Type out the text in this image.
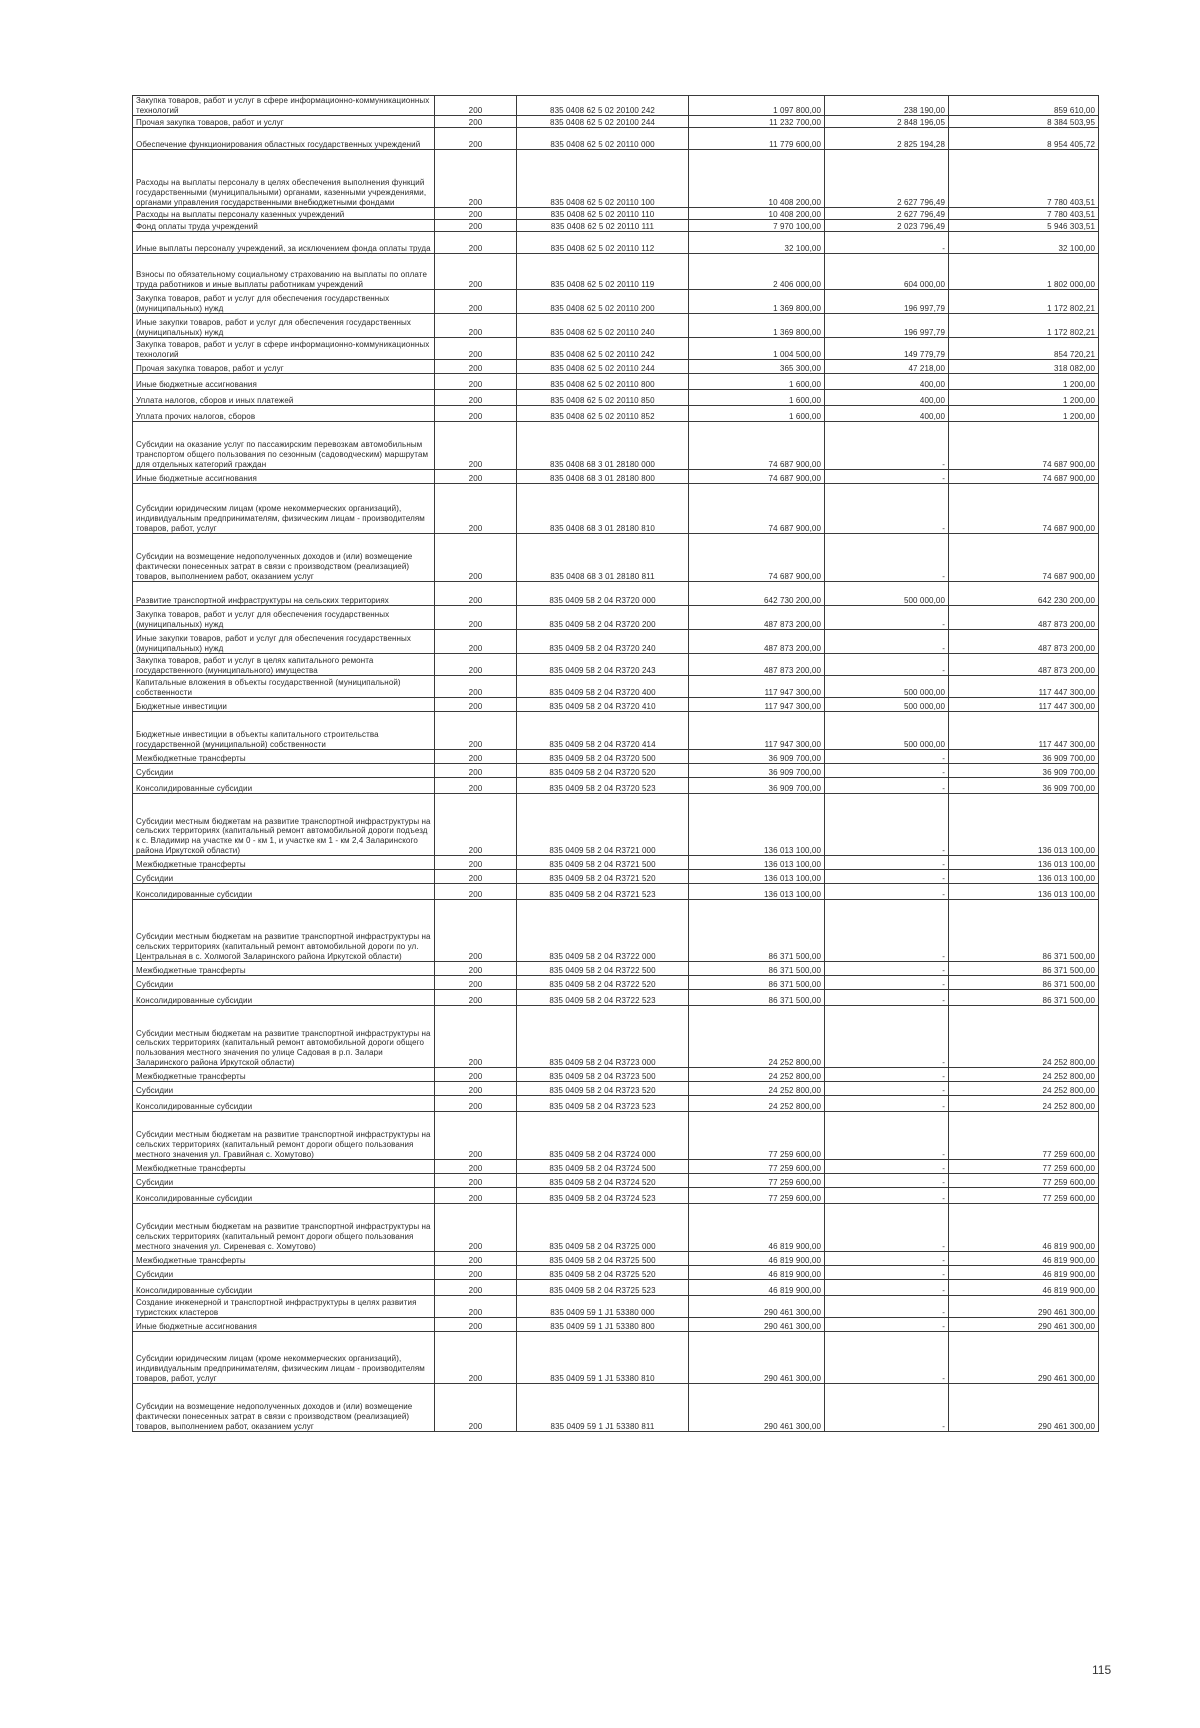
Закупка товаров, работ и услуг в сфере информационно-коммуникационных технологий	200	835 0408 62 5 02 20100 242	1 097 800,00	238 190,00	859 610,00
Прочая закупка товаров, работ и услуг	200	835 0408 62 5 02 20100 244	11 232 700,00	2 848 196,05	8 384 503,95
Обеспечение функционирования областных государственных учреждений	200	835 0408 62 5 02 20110 000	11 779 600,00	2 825 194,28	8 954 405,72
Расходы на выплаты персоналу в целях обеспечения выполнения функций государственными (муниципальными) органами, казенными учреждениями, органами управления государственными внебюджетными фондами	200	835 0408 62 5 02 20110 100	10 408 200,00	2 627 796,49	7 780 403,51
Расходы на выплаты персоналу казенных учреждений	200	835 0408 62 5 02 20110 110	10 408 200,00	2 627 796,49	7 780 403,51
Фонд оплаты труда учреждений	200	835 0408 62 5 02 20110 111	7 970 100,00	2 023 796,49	5 946 303,51
Иные выплаты персоналу учреждений, за исключением фонда оплаты труда	200	835 0408 62 5 02 20110 112	32 100,00	-	32 100,00
Взносы по обязательному социальному страхованию на выплаты по оплате труда работников и иные выплаты работникам учреждений	200	835 0408 62 5 02 20110 119	2 406 000,00	604 000,00	1 802 000,00
Закупка товаров, работ и услуг для обеспечения государственных (муниципальных) нужд	200	835 0408 62 5 02 20110 200	1 369 800,00	196 997,79	1 172 802,21
Иные закупки товаров, работ и услуг для обеспечения государственных (муниципальных) нужд	200	835 0408 62 5 02 20110 240	1 369 800,00	196 997,79	1 172 802,21
Закупка товаров, работ и услуг в сфере информационно-коммуникационных технологий	200	835 0408 62 5 02 20110 242	1 004 500,00	149 779,79	854 720,21
Прочая закупка товаров, работ и услуг	200	835 0408 62 5 02 20110 244	365 300,00	47 218,00	318 082,00
Иные бюджетные ассигнования	200	835 0408 62 5 02 20110 800	1 600,00	400,00	1 200,00
Уплата налогов, сборов и иных платежей	200	835 0408 62 5 02 20110 850	1 600,00	400,00	1 200,00
Уплата прочих налогов, сборов	200	835 0408 62 5 02 20110 852	1 600,00	400,00	1 200,00
Субсидии на оказание услуг по пассажирским перевозкам автомобильным транспортом общего пользования по сезонным (садоводческим) маршрутам для отдельных категорий граждан	200	835 0408 68 3 01 28180 000	74 687 900,00	-	74 687 900,00
Иные бюджетные ассигнования	200	835 0408 68 3 01 28180 800	74 687 900,00	-	74 687 900,00
Субсидии юридическим лицам (кроме некоммерческих организаций), индивидуальным предпринимателям, физическим лицам - производителям товаров, работ, услуг	200	835 0408 68 3 01 28180 810	74 687 900,00	-	74 687 900,00
Субсидии на возмещение недополученных доходов и (или) возмещение фактически понесенных затрат в связи с производством (реализацией) товаров, выполнением работ, оказанием услуг	200	835 0408 68 3 01 28180 811	74 687 900,00	-	74 687 900,00
Развитие транспортной инфраструктуры на сельских территориях	200	835 0409 58 2 04 R3720 000	642 730 200,00	500 000,00	642 230 200,00
Закупка товаров, работ и услуг для обеспечения государственных (муниципальных) нужд	200	835 0409 58 2 04 R3720 200	487 873 200,00	-	487 873 200,00
Иные закупки товаров, работ и услуг для обеспечения государственных (муниципальных) нужд	200	835 0409 58 2 04 R3720 240	487 873 200,00	-	487 873 200,00
Закупка товаров, работ и услуг в целях капитального ремонта государственного (муниципального) имущества	200	835 0409 58 2 04 R3720 243	487 873 200,00	-	487 873 200,00
Капитальные вложения в объекты государственной (муниципальной) собственности	200	835 0409 58 2 04 R3720 400	117 947 300,00	500 000,00	117 447 300,00
Бюджетные инвестиции	200	835 0409 58 2 04 R3720 410	117 947 300,00	500 000,00	117 447 300,00
Бюджетные инвестиции в объекты капитального строительства государственной (муниципальной) собственности	200	835 0409 58 2 04 R3720 414	117 947 300,00	500 000,00	117 447 300,00
Межбюджетные трансферты	200	835 0409 58 2 04 R3720 500	36 909 700,00	-	36 909 700,00
Субсидии	200	835 0409 58 2 04 R3720 520	36 909 700,00	-	36 909 700,00
Консолидированные субсидии	200	835 0409 58 2 04 R3720 523	36 909 700,00	-	36 909 700,00
Субсидии местным бюджетам на развитие транспортной инфраструктуры на сельских территориях (капитальный ремонт автомобильной дороги подъезд к с. Владимир на участке км 0 - км 1, и участке км 1 - км 2,4 Заларинского района Иркутской области)	200	835 0409 58 2 04 R3721 000	136 013 100,00	-	136 013 100,00
Межбюджетные трансферты	200	835 0409 58 2 04 R3721 500	136 013 100,00	-	136 013 100,00
Субсидии	200	835 0409 58 2 04 R3721 520	136 013 100,00	-	136 013 100,00
Консолидированные субсидии	200	835 0409 58 2 04 R3721 523	136 013 100,00	-	136 013 100,00
Субсидии местным бюджетам на развитие транспортной инфраструктуры на сельских территориях (капитальный ремонт автомобильной дороги по ул. Центральная в с. Холмогой Заларинского района Иркутской области)	200	835 0409 58 2 04 R3722 000	86 371 500,00	-	86 371 500,00
Межбюджетные трансферты	200	835 0409 58 2 04 R3722 500	86 371 500,00	-	86 371 500,00
Субсидии	200	835 0409 58 2 04 R3722 520	86 371 500,00	-	86 371 500,00
Консолидированные субсидии	200	835 0409 58 2 04 R3722 523	86 371 500,00	-	86 371 500,00
Субсидии местным бюджетам на развитие транспортной инфраструктуры на сельских территориях (капитальный ремонт автомобильной дороги общего пользования местного значения по улице Садовая в р.п. Залари Заларинского района Иркутской области)	200	835 0409 58 2 04 R3723 000	24 252 800,00	-	24 252 800,00
Межбюджетные трансферты	200	835 0409 58 2 04 R3723 500	24 252 800,00	-	24 252 800,00
Субсидии	200	835 0409 58 2 04 R3723 520	24 252 800,00	-	24 252 800,00
Консолидированные субсидии	200	835 0409 58 2 04 R3723 523	24 252 800,00	-	24 252 800,00
Субсидии местным бюджетам на развитие транспортной инфраструктуры на сельских территориях (капитальный ремонт дороги общего пользования местного значения ул. Гравийная с. Хомутово)	200	835 0409 58 2 04 R3724 000	77 259 600,00	-	77 259 600,00
Межбюджетные трансферты	200	835 0409 58 2 04 R3724 500	77 259 600,00	-	77 259 600,00
Субсидии	200	835 0409 58 2 04 R3724 520	77 259 600,00	-	77 259 600,00
Консолидированные субсидии	200	835 0409 58 2 04 R3724 523	77 259 600,00	-	77 259 600,00
Субсидии местным бюджетам на развитие транспортной инфраструктуры на сельских территориях (капитальный ремонт дороги общего пользования местного значения ул. Сиреневая с. Хомутово)	200	835 0409 58 2 04 R3725 000	46 819 900,00	-	46 819 900,00
Межбюджетные трансферты	200	835 0409 58 2 04 R3725 500	46 819 900,00	-	46 819 900,00
Субсидии	200	835 0409 58 2 04 R3725 520	46 819 900,00	-	46 819 900,00
Консолидированные субсидии	200	835 0409 58 2 04 R3725 523	46 819 900,00	-	46 819 900,00
Создание инженерной и транспортной инфраструктуры в целях развития туристских кластеров	200	835 0409 59 1 J1 53380 000	290 461 300,00	-	290 461 300,00
Иные бюджетные ассигнования	200	835 0409 59 1 J1 53380 800	290 461 300,00	-	290 461 300,00
Субсидии юридическим лицам (кроме некоммерческих организаций), индивидуальным предпринимателям, физическим лицам - производителям товаров, работ, услуг	200	835 0409 59 1 J1 53380 810	290 461 300,00	-	290 461 300,00
Субсидии на возмещение недополученных доходов и (или) возмещение фактически понесенных затрат в связи с производством (реализацией) товаров, выполнением работ, оказанием услуг	200	835 0409 59 1 J1 53380 811	290 461 300,00	-	290 461 300,00
115
